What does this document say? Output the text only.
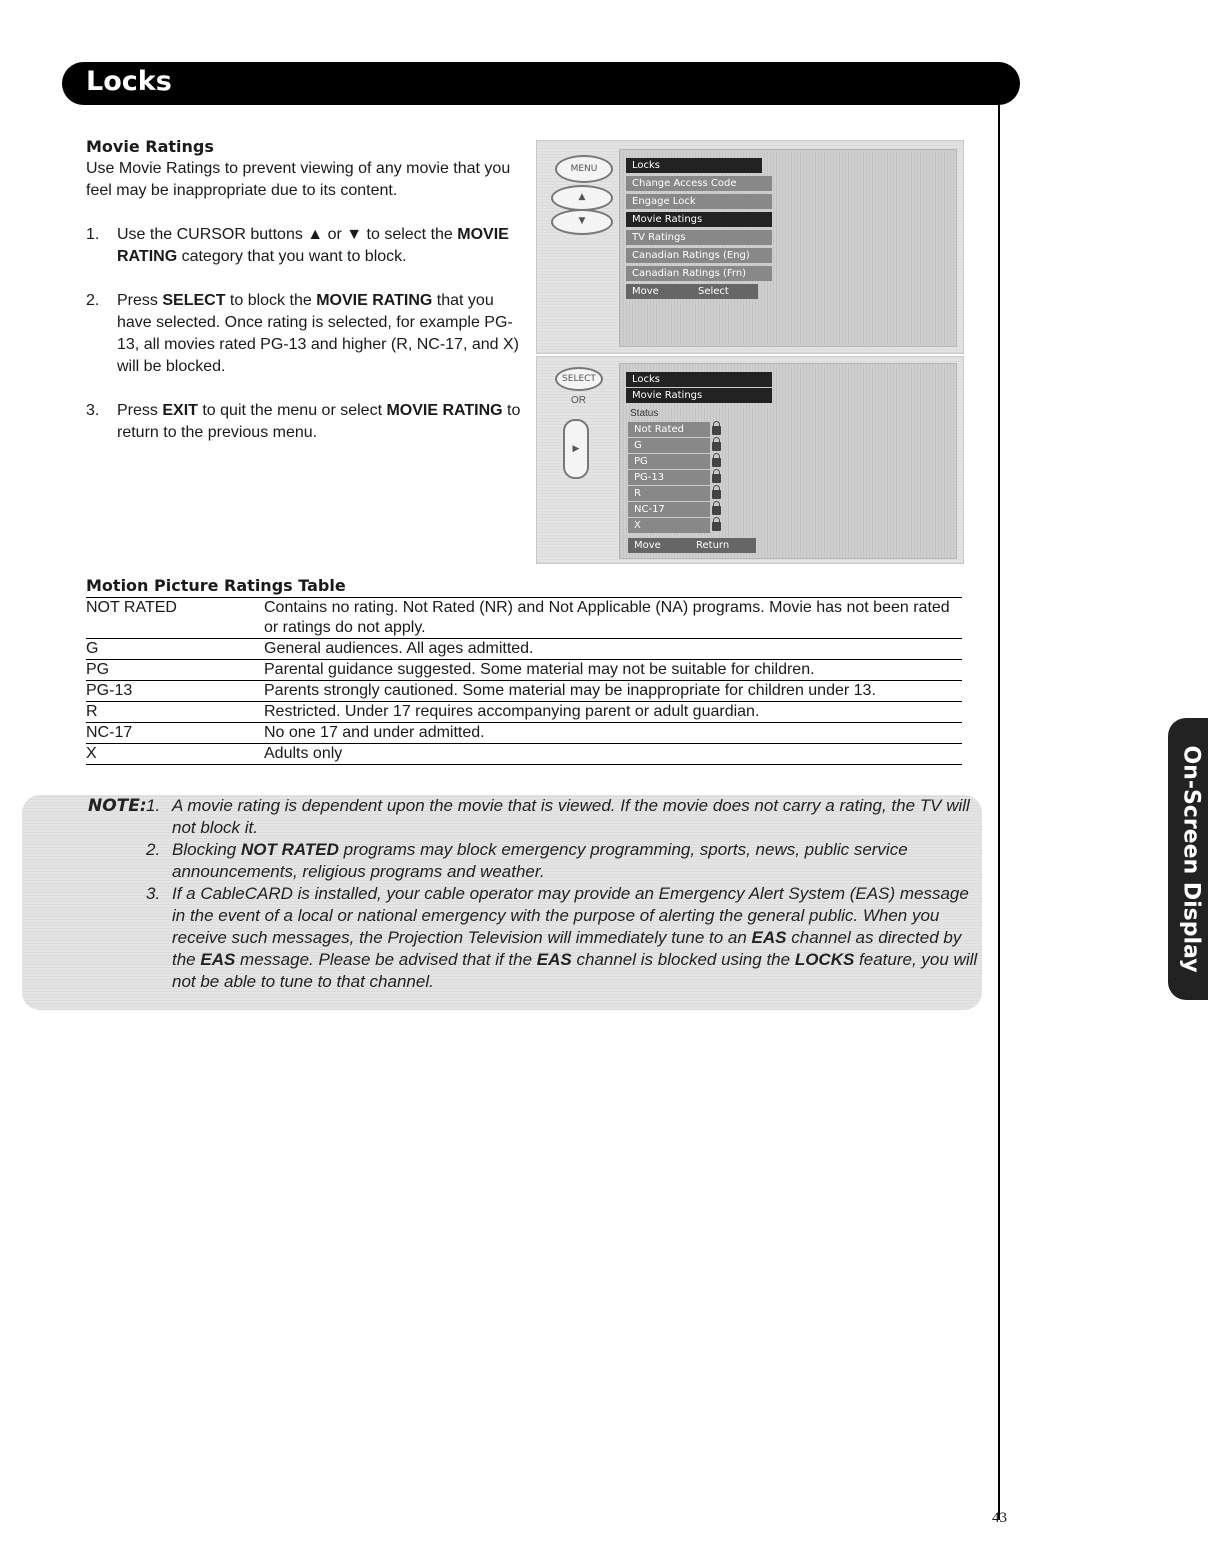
Locks
On-Screen Display
Movie Ratings

Use Movie Ratings to prevent viewing of any movie that you feel may be inappropriate due to its content.

1. Use the CURSOR buttons ▲ or ▼ to select the MOVIE RATING category that you want to block.
2. Press SELECT to block the MOVIE RATING that you have selected. Once rating is selected, for example PG-13, all movies rated PG-13 and higher (R, NC-17, and X) will be blocked.
3. Press EXIT to quit the menu or select MOVIE RATING to return to the previous menu.
MENU
▲
▼
Locks
Change Access Code
Engage Lock
Movie Ratings
TV Ratings
Canadian Ratings (Eng)
Canadian Ratings (Frn)
Move	Select
SELECT
OR
▶
Locks
Movie Ratings
Status
Not Rated
G
PG
PG-13
R
NC-17
X
Move	Return
Motion Picture Ratings Table
NOT RATED	Contains no rating. Not Rated (NR) and Not Applicable (NA) programs. Movie has not been rated or ratings do not apply.
G	General audiences. All ages admitted.
PG	Parental guidance suggested. Some material may not be suitable for children.
PG-13	Parents strongly cautioned. Some material may be inappropriate for children under 13.
R	Restricted. Under 17 requires accompanying parent or adult guardian.
NC-17	No one 17 and under admitted.
X	Adults only
NOTE: 1. A movie rating is dependent upon the movie that is viewed. If the movie does not carry a rating, the TV will not block it.
2. Blocking NOT RATED programs may block emergency programming, sports, news, public service announcements, religious programs and weather.
3. If a CableCARD is installed, your cable operator may provide an Emergency Alert System (EAS) message in the event of a local or national emergency with the purpose of alerting the general public. When you receive such messages, the Projection Television will immediately tune to an EAS channel as directed by the EAS message. Please be advised that if the EAS channel is blocked using the LOCKS feature, you will not be able to tune to that channel.
43
